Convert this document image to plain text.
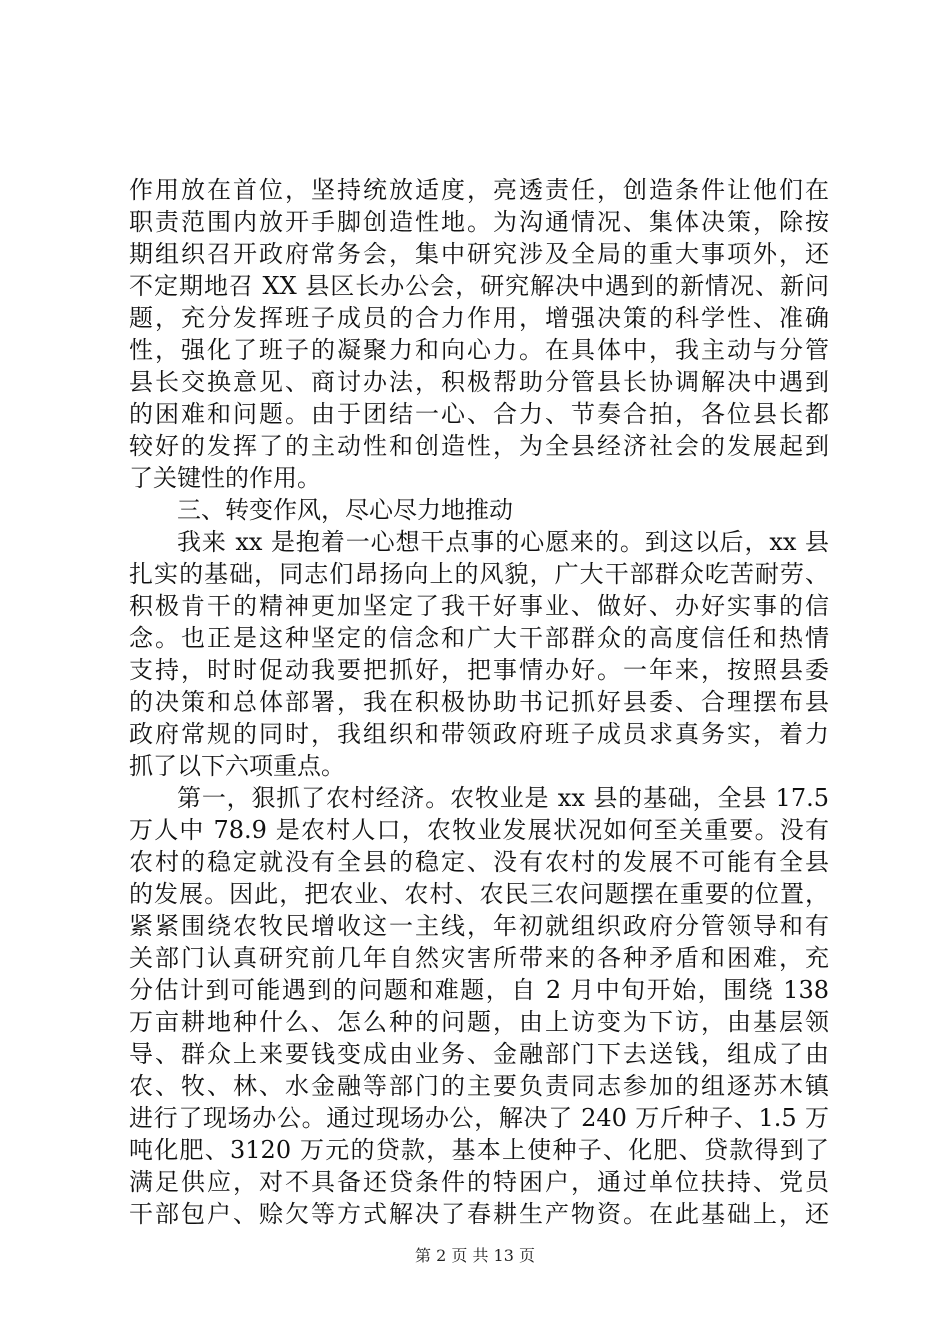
作用放在首位，坚持统放适度，亮透责任，创造条件让他们在
职责范围内放开手脚创造性地。为沟通情况、集体决策，除按
期组织召开政府常务会，集中研究涉及全局的重大事项外，还
不定期地召 XX 县区长办公会，研究解决中遇到的新情况、新问
题，充分发挥班子成员的合力作用，增强决策的科学性、准确
性，强化了班子的凝聚力和向心力。在具体中，我主动与分管
县长交换意见、商讨办法，积极帮助分管县长协调解决中遇到
的困难和问题。由于团结一心、合力、节奏合拍，各位县长都
较好的发挥了的主动性和创造性，为全县经济社会的发展起到
了关键性的作用。
三、转变作风，尽心尽力地推动
我来 xx 是抱着一心想干点事的心愿来的。到这以后，xx 县
扎实的基础，同志们昂扬向上的风貌，广大干部群众吃苦耐劳、
积极肯干的精神更加坚定了我干好事业、做好、办好实事的信
念。也正是这种坚定的信念和广大干部群众的高度信任和热情
支持，时时促动我要把抓好，把事情办好。一年来，按照县委
的决策和总体部署，我在积极协助书记抓好县委、合理摆布县
政府常规的同时，我组织和带领政府班子成员求真务实，着力
抓了以下六项重点。
第一，狠抓了农村经济。农牧业是 xx 县的基础，全县 17.5
万人中 78.9 是农村人口，农牧业发展状况如何至关重要。没有
农村的稳定就没有全县的稳定、没有农村的发展不可能有全县
的发展。因此，把农业、农村、农民三农问题摆在重要的位置，
紧紧围绕农牧民增收这一主线，年初就组织政府分管领导和有
关部门认真研究前几年自然灾害所带来的各种矛盾和困难，充
分估计到可能遇到的问题和难题，自 2 月中旬开始，围绕 138
万亩耕地种什么、怎么种的问题，由上访变为下访，由基层领
导、群众上来要钱变成由业务、金融部门下去送钱，组成了由
农、牧、林、水金融等部门的主要负责同志参加的组逐苏木镇
进行了现场办公。通过现场办公，解决了 240 万斤种子、1.5 万
吨化肥、3120 万元的贷款，基本上使种子、化肥、贷款得到了
满足供应，对不具备还贷条件的特困户，通过单位扶持、党员
干部包户、赊欠等方式解决了春耕生产物资。在此基础上，还
第 2 页 共 13 页
